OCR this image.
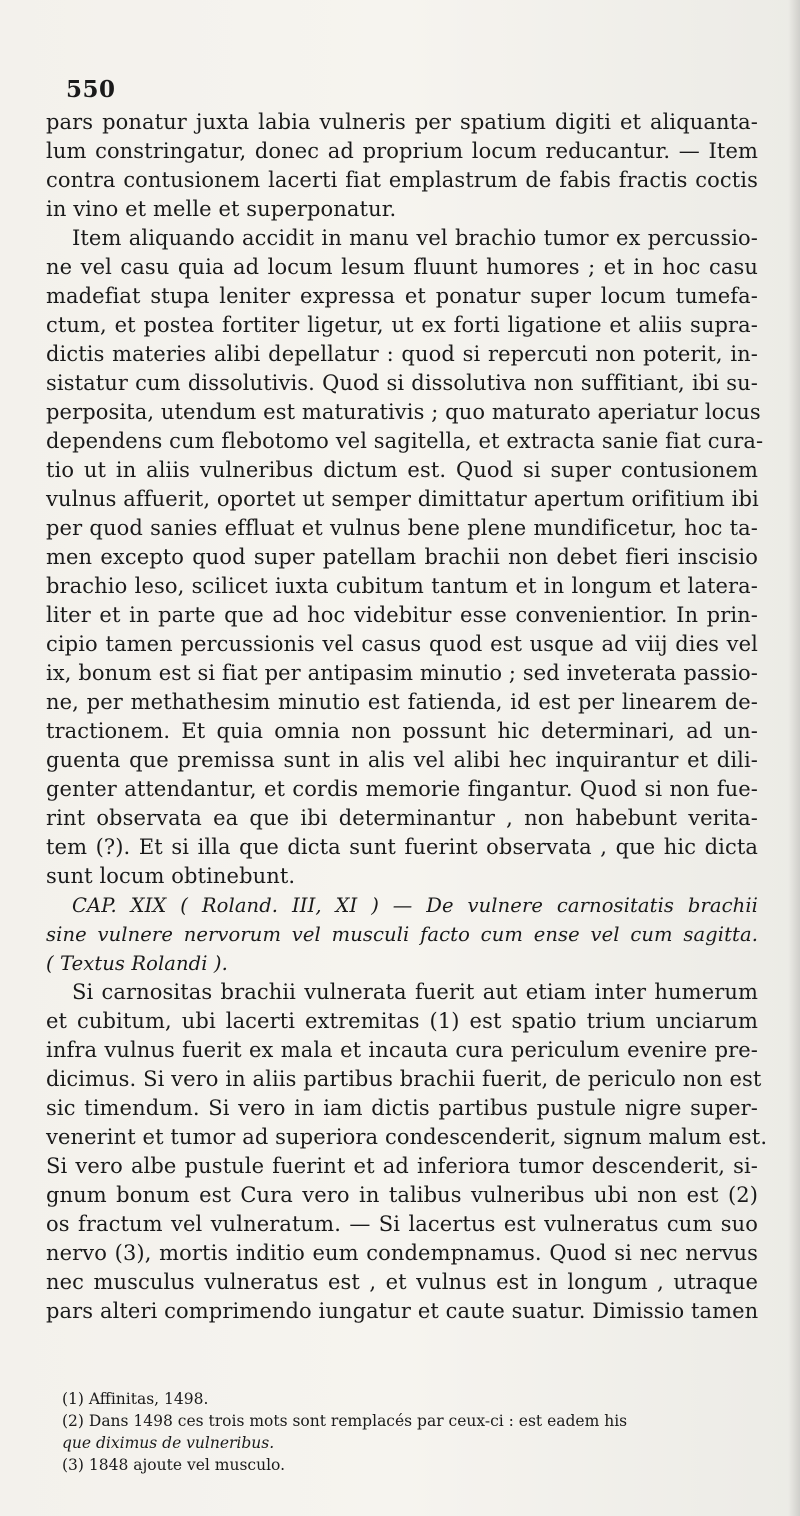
550
pars ponatur juxta labia vulneris per spatium digiti et aliquanta-
lum constringatur, donec ad proprium locum reducantur. — Item
contra contusionem lacerti fiat emplastrum de fabis fractis coctis
in vino et melle et superponatur.
Item aliquando accidit in manu vel brachio tumor ex percussio-
ne vel casu quia ad locum lesum fluunt humores ; et in hoc casu
madefiat stupa leniter expressa et ponatur super locum tumefa-
ctum, et postea fortiter ligetur, ut ex forti ligatione et aliis supra-
dictis materies alibi depellatur : quod si repercuti non poterit, in-
sistatur cum dissolutivis. Quod si dissolutiva non suffitiant, ibi su-
perposita, utendum est maturativis ; quo maturato aperiatur locus
dependens cum flebotomo vel sagitella, et extracta sanie fiat cura-
tio ut in aliis vulneribus dictum est. Quod si super contusionem
vulnus affuerit, oportet ut semper dimittatur apertum orifitium ibi
per quod sanies effluat et vulnus bene plene mundificetur, hoc ta-
men excepto quod super patellam brachii non debet fieri inscisio
brachio leso, scilicet iuxta cubitum tantum et in longum et latera-
liter et in parte que ad hoc videbitur esse convenientior. In prin-
cipio tamen percussionis vel casus quod est usque ad viij dies vel
ix, bonum est si fiat per antipasim minutio ; sed inveterata passio-
ne, per methathesim minutio est fatienda, id est per linearem de-
tractionem. Et quia omnia non possunt hic determinari, ad un-
guenta que premissa sunt in alis vel alibi hec inquirantur et dili-
genter attendantur, et cordis memorie fingantur. Quod si non fue-
rint observata ea que ibi determinantur , non habebunt verita-
tem (?). Et si illa que dicta sunt fuerint observata , que hic dicta
sunt locum obtinebunt.
CAP. XIX ( Roland. III, XI ) — De vulnere carnositatis brachii
sine vulnere nervorum vel musculi facto cum ense vel cum sagitta.
( Textus Rolandi ).
Si carnositas brachii vulnerata fuerit aut etiam inter humerum
et cubitum, ubi lacerti extremitas (1) est spatio trium unciarum
infra vulnus fuerit ex mala et incauta cura periculum evenire pre-
dicimus. Si vero in aliis partibus brachii fuerit, de periculo non est
sic timendum. Si vero in iam dictis partibus pustule nigre super-
venerint et tumor ad superiora condescenderit, signum malum est.
Si vero albe pustule fuerint et ad inferiora tumor descenderit, si-
gnum bonum est Cura vero in talibus vulneribus ubi non est (2)
os fractum vel vulneratum. — Si lacertus est vulneratus cum suo
nervo (3), mortis inditio eum condempnamus. Quod si nec nervus
nec musculus vulneratus est , et vulnus est in longum , utraque
pars alteri comprimendo iungatur et caute suatur. Dimissio tamen
(1) Affinitas, 1498.
(2) Dans 1498 ces trois mots sont remplacés par ceux-ci : est eadem his
que diximus de vulneribus.
(3) 1848 ajoute vel musculo.
